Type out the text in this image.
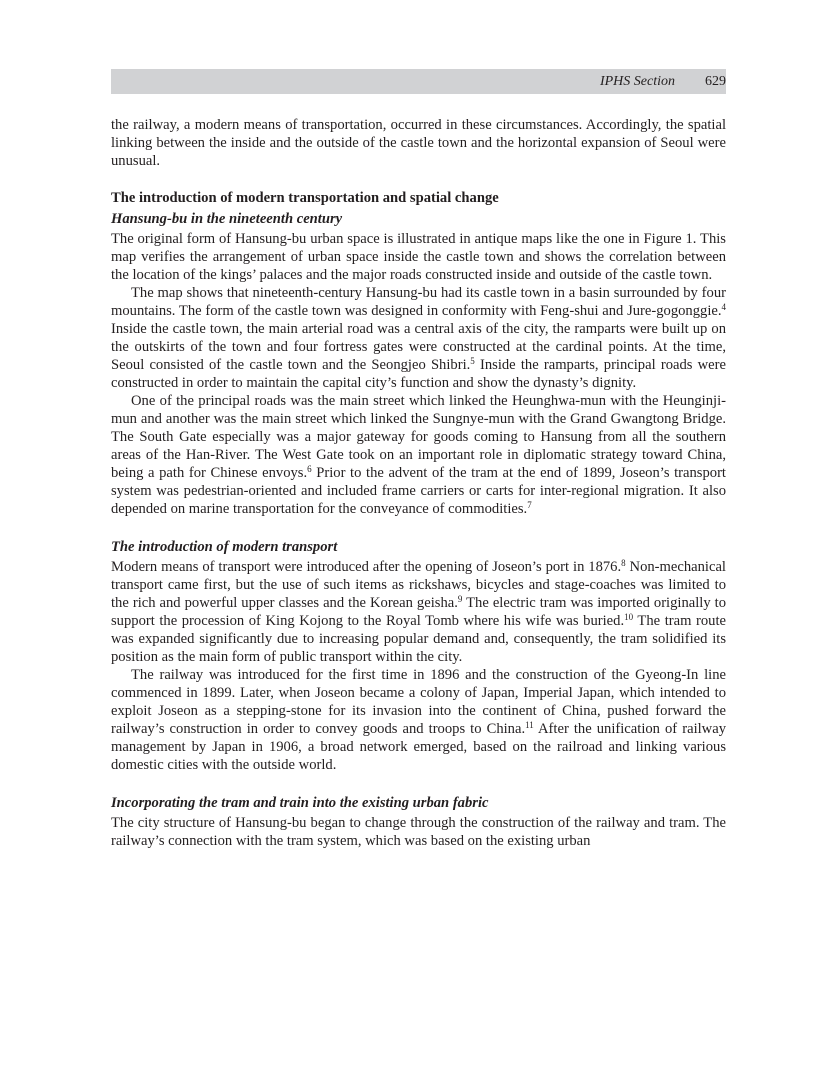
IPHS Section 629

the railway, a modern means of transportation, occurred in these circumstances. Accordingly, the spatial linking between the inside and the outside of the castle town and the horizontal expansion of Seoul were unusual.

The introduction of modern transportation and spatial change
Hansung-bu in the nineteenth century

The original form of Hansung-bu urban space is illustrated in antique maps like the one in Figure 1. This map verifies the arrangement of urban space inside the castle town and shows the correlation between the location of the kings’ palaces and the major roads constructed inside and outside of the castle town.

The map shows that nineteenth-century Hansung-bu had its castle town in a basin surrounded by four mountains. The form of the castle town was designed in conformity with Feng-shui and Jure-gogonggie.$^4$ Inside the castle town, the main arterial road was a central axis of the city, the ramparts were built up on the outskirts of the town and four fortress gates were constructed at the cardinal points. At the time, Seoul consisted of the castle town and the Seongjeo Shibri.$^5$ Inside the ramparts, principal roads were constructed in order to maintain the capital city’s function and show the dynasty’s dignity.

One of the principal roads was the main street which linked the Heunghwa-mun with the Heunginji-mun and another was the main street which linked the Sungnye-mun with the Grand Gwangtong Bridge. The South Gate especially was a major gateway for goods coming to Hansung from all the southern areas of the Han-River. The West Gate took on an important role in diplomatic strategy toward China, being a path for Chinese envoys.$^6$ Prior to the advent of the tram at the end of 1899, Joseon’s transport system was pedestrian-oriented and included frame carriers or carts for inter-regional migration. It also depended on marine transportation for the conveyance of commodities.$^7$

The introduction of modern transport

Modern means of transport were introduced after the opening of Joseon’s port in 1876.$^8$ Non-mechanical transport came first, but the use of such items as rickshaws, bicycles and stage-coaches was limited to the rich and powerful upper classes and the Korean geisha.$^9$ The electric tram was imported originally to support the procession of King Kojong to the Royal Tomb where his wife was buried.$^{10}$ The tram route was expanded significantly due to increasing popular demand and, consequently, the tram solidified its position as the main form of public transport within the city.

The railway was introduced for the first time in 1896 and the construction of the Gyeong-In line commenced in 1899. Later, when Joseon became a colony of Japan, Imperial Japan, which intended to exploit Joseon as a stepping-stone for its invasion into the continent of China, pushed forward the railway’s construction in order to convey goods and troops to China.$^{11}$ After the unification of railway management by Japan in 1906, a broad network emerged, based on the railroad and linking various domestic cities with the outside world.

Incorporating the tram and train into the existing urban fabric

The city structure of Hansung-bu began to change through the construction of the railway and tram. The railway’s connection with the tram system, which was based on the existing urban
